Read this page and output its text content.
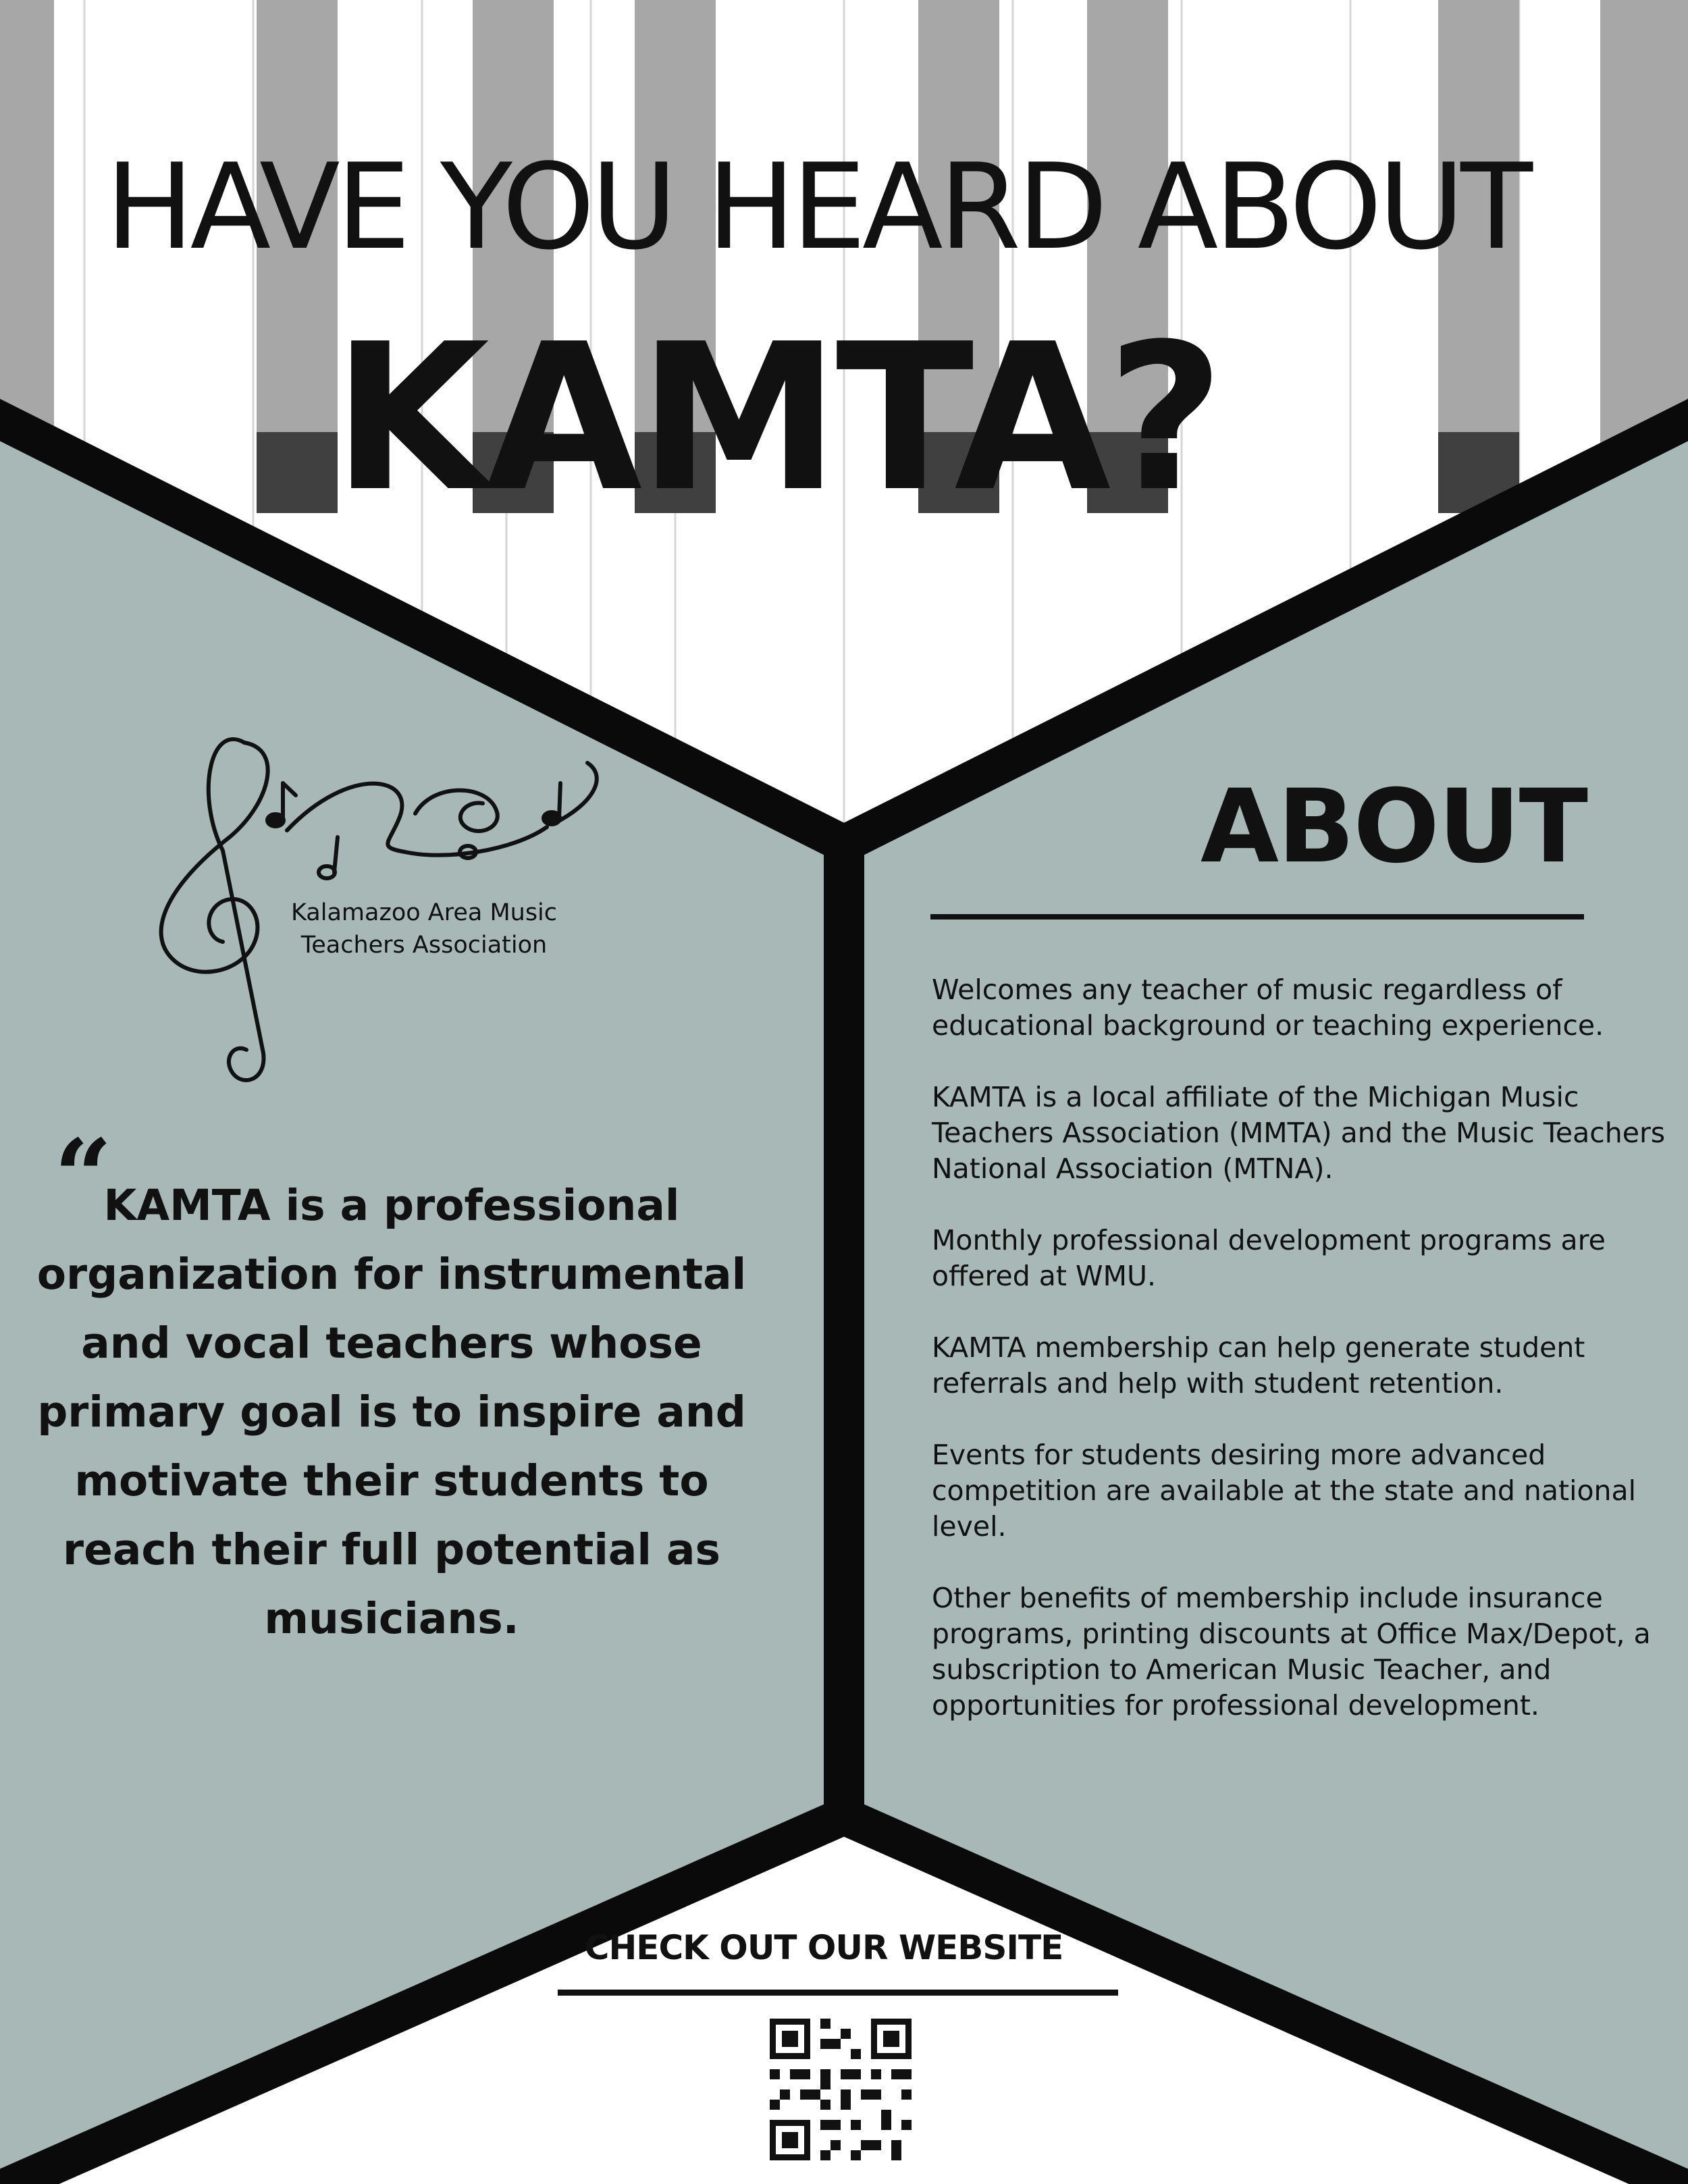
HAVE YOU HEARD ABOUT
KAMTA?
Kalamazoo Area Music
Teachers Association
“
KAMTA is a professional organization for instrumental and vocal teachers whose primary goal is to inspire and motivate their students to reach their full potential as musicians.
ABOUT

Welcomes any teacher of music regardless of educational background or teaching experience.

KAMTA is a local affiliate of the Michigan Music Teachers Association (MMTA) and the Music Teachers National Association (MTNA).

Monthly professional development programs are offered at WMU.

KAMTA membership can help generate student referrals and help with student retention.

Events for students desiring more advanced competition are available at the state and national level.

Other benefits of membership include insurance programs, printing discounts at Office Max/Depot, a subscription to American Music Teacher, and opportunities for professional development.

CHECK OUT OUR WEBSITE
